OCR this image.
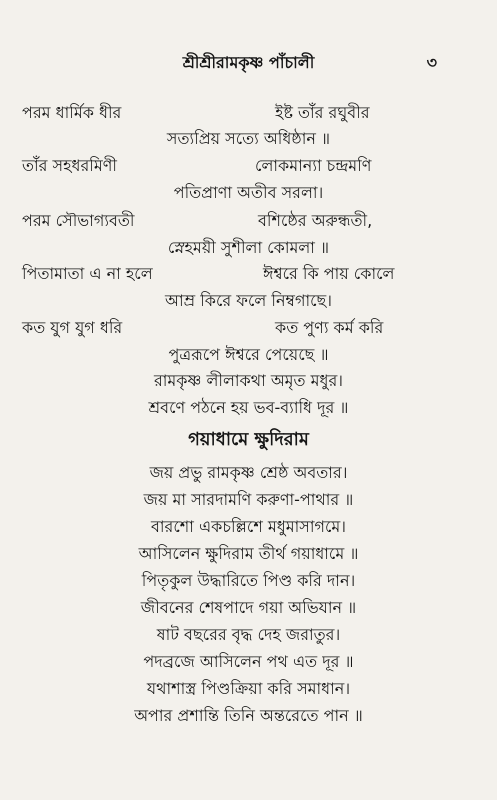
শ্রীশ্রীরামকৃষ্ণ পাঁচালী	৩
পরম ধার্মিক ধীর	ইষ্ট তাঁর রঘুবীর
সত্যপ্রিয় সত্যে অধিষ্ঠান ॥
তাঁর সহধরমিণী	লোকমান্যা চন্দ্রমণি
পতিপ্রাণা অতীব সরলা।
পরম সৌভাগ্যবতী	বশিষ্ঠের অরুন্ধতী,
স্নেহময়ী সুশীলা কোমলা ॥
পিতামাতা এ না হলে	ঈশ্বরে কি পায় কোলে
আম্র কিরে ফলে নিম্বগাছে।
কত যুগ যুগ ধরি	কত পুণ্য কর্ম করি
পুত্ররূপে ঈশ্বরে পেয়েছে ॥
রামকৃষ্ণ লীলাকথা অমৃত মধুর।
শ্রবণে পঠনে হয় ভব-ব্যাধি দূর ॥
গয়াধামে ক্ষুদিরাম
জয় প্রভু রামকৃষ্ণ শ্রেষ্ঠ অবতার।
জয় মা সারদামণি করুণা-পাথার ॥
বারশো একচল্লিশে মধুমাসাগমে।
আসিলেন ক্ষুদিরাম তীর্থ গয়াধামে ॥
পিতৃকুল উদ্ধারিতে পিণ্ড করি দান।
জীবনের শেষপাদে গয়া অভিযান ॥
ষাট বছরের বৃদ্ধ দেহ জরাতুর।
পদব্রজে আসিলেন পথ এত দূর ॥
যথাশাস্ত্র পিণ্ডক্রিয়া করি সমাধান।
অপার প্রশান্তি তিনি অন্তরেতে পান ॥
